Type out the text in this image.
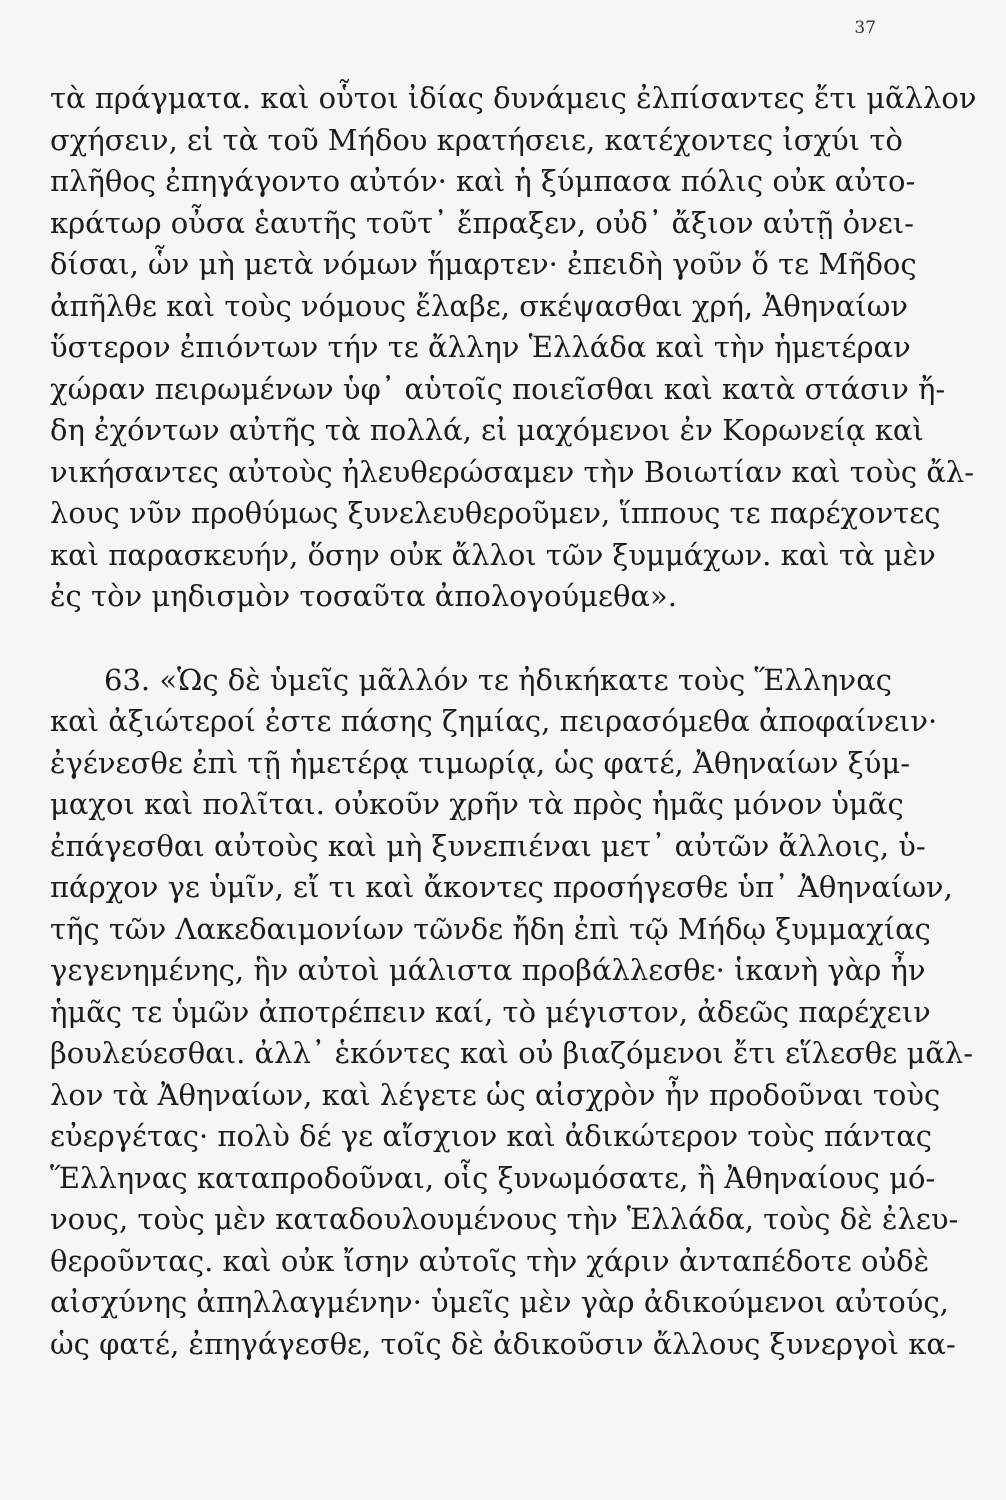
37
τὰ πράγματα. καὶ οὗτοι ἰδίας δυνάμεις ἐλπίσαντες ἔτι μᾶλλον
σχήσειν, εἰ τὰ τοῦ Μήδου κρατήσειε, κατέχοντες ἰσχύι τὸ
πλῆθος ἐπηγάγοντο αὐτόν· καὶ ἡ ξύμπασα πόλις οὐκ αὐτο-
κράτωρ οὖσα ἑαυτῆς τοῦτ᾽ ἔπραξεν, οὐδ᾽ ἄξιον αὐτῇ ὀνει-
δίσαι, ὧν μὴ μετὰ νόμων ἥμαρτεν· ἐπειδὴ γοῦν ὅ τε Μῆδος
ἀπῆλθε καὶ τοὺς νόμους ἔλαβε, σκέψασθαι χρή, Ἀθηναίων
ὕστερον ἐπιόντων τήν τε ἄλλην Ἑλλάδα καὶ τὴν ἡμετέραν
χώραν πειρωμένων ὑφ᾽ αὑτοῖς ποιεῖσθαι καὶ κατὰ στάσιν ἤ-
δη ἐχόντων αὐτῆς τὰ πολλά, εἰ μαχόμενοι ἐν Κορωνείᾳ καὶ
νικήσαντες αὐτοὺς ἠλευθερώσαμεν τὴν Βοιωτίαν καὶ τοὺς ἄλ-
λους νῦν προθύμως ξυνελευθεροῦμεν, ἵππους τε παρέχοντες
καὶ παρασκευήν, ὅσην οὐκ ἄλλοι τῶν ξυμμάχων. καὶ τὰ μὲν
ἐς τὸν μηδισμὸν τοσαῦτα ἀπολογούμεθα».
63. «Ὡς δὲ ὑμεῖς μᾶλλόν τε ἠδικήκατε τοὺς Ἕλληνας
καὶ ἀξιώτεροί ἐστε πάσης ζημίας, πειρασόμεθα ἀποφαίνειν·
ἐγένεσθε ἐπὶ τῇ ἡμετέρᾳ τιμωρίᾳ, ὡς φατέ, Ἀθηναίων ξύμ-
μαχοι καὶ πολῖται. οὐκοῦν χρῆν τὰ πρὸς ἡμᾶς μόνον ὑμᾶς
ἐπάγεσθαι αὐτοὺς καὶ μὴ ξυνεπιέναι μετ᾽ αὐτῶν ἄλλοις, ὑ-
πάρχον γε ὑμῖν, εἴ τι καὶ ἄκοντες προσήγεσθε ὑπ᾽ Ἀθηναίων,
τῆς τῶν Λακεδαιμονίων τῶνδε ἤδη ἐπὶ τῷ Μήδῳ ξυμμαχίας
γεγενημένης, ἣν αὐτοὶ μάλιστα προβάλλεσθε· ἱκανὴ γὰρ ἦν
ἡμᾶς τε ὑμῶν ἀποτρέπειν καί, τὸ μέγιστον, ἀδεῶς παρέχειν
βουλεύεσθαι. ἀλλ᾽ ἑκόντες καὶ οὐ βιαζόμενοι ἔτι εἵλεσθε μᾶλ-
λον τὰ Ἀθηναίων, καὶ λέγετε ὡς αἰσχρὸν ἦν προδοῦναι τοὺς
εὐεργέτας· πολὺ δέ γε αἴσχιον καὶ ἀδικώτερον τοὺς πάντας
Ἕλληνας καταπροδοῦναι, οἷς ξυνωμόσατε, ἢ Ἀθηναίους μό-
νους, τοὺς μὲν καταδουλουμένους τὴν Ἑλλάδα, τοὺς δὲ ἐλευ-
θεροῦντας. καὶ οὐκ ἴσην αὐτοῖς τὴν χάριν ἀνταπέδοτε οὐδὲ
αἰσχύνης ἀπηλλαγμένην· ὑμεῖς μὲν γὰρ ἀδικούμενοι αὐτούς,
ὡς φατέ, ἐπηγάγεσθε, τοῖς δὲ ἀδικοῦσιν ἄλλους ξυνεργοὶ κα-
